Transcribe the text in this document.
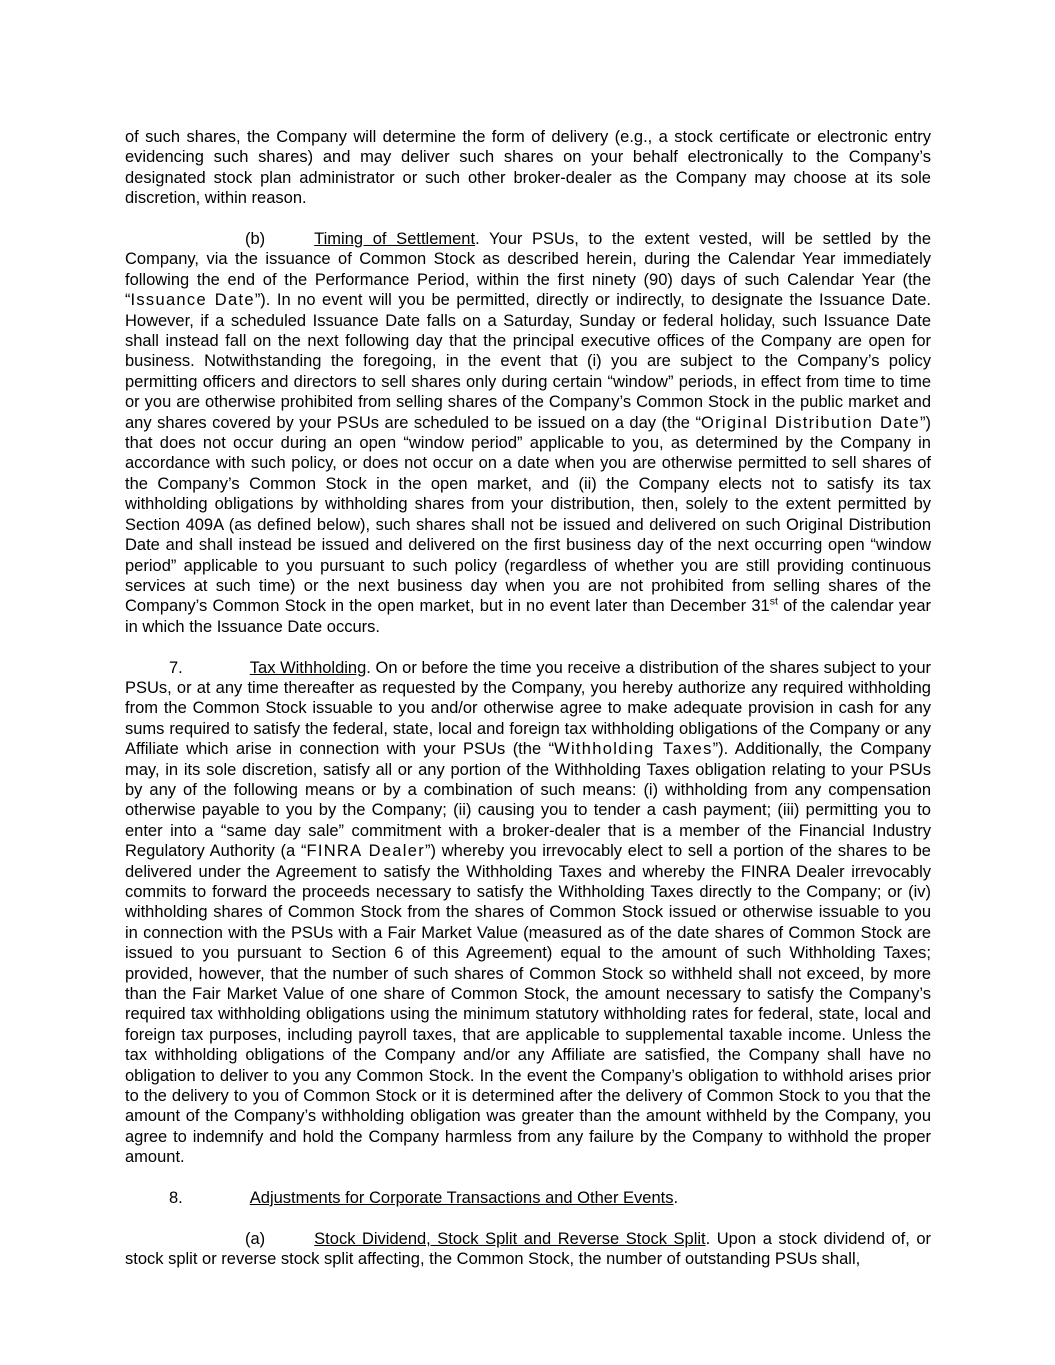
of such shares, the Company will determine the form of delivery (e.g., a stock certificate or electronic entry evidencing such shares) and may deliver such shares on your behalf electronically to the Company’s designated stock plan administrator or such other broker-dealer as the Company may choose at its sole discretion, within reason.

(b)	Timing of Settlement. Your PSUs, to the extent vested, will be settled by the Company, via the issuance of Common Stock as described herein, during the Calendar Year immediately following the end of the Performance Period, within the first ninety (90) days of such Calendar Year (the “Issuance Date”). In no event will you be permitted, directly or indirectly, to designate the Issuance Date. However, if a scheduled Issuance Date falls on a Saturday, Sunday or federal holiday, such Issuance Date shall instead fall on the next following day that the principal executive offices of the Company are open for business. Notwithstanding the foregoing, in the event that (i) you are subject to the Company’s policy permitting officers and directors to sell shares only during certain “window” periods, in effect from time to time or you are otherwise prohibited from selling shares of the Company’s Common Stock in the public market and any shares covered by your PSUs are scheduled to be issued on a day (the “Original Distribution Date”) that does not occur during an open “window period” applicable to you, as determined by the Company in accordance with such policy, or does not occur on a date when you are otherwise permitted to sell shares of the Company’s Common Stock in the open market, and (ii) the Company elects not to satisfy its tax withholding obligations by withholding shares from your distribution, then, solely to the extent permitted by Section 409A (as defined below), such shares shall not be issued and delivered on such Original Distribution Date and shall instead be issued and delivered on the first business day of the next occurring open “window period” applicable to you pursuant to such policy (regardless of whether you are still providing continuous services at such time) or the next business day when you are not prohibited from selling shares of the Company’s Common Stock in the open market, but in no event later than December 31st of the calendar year in which the Issuance Date occurs.

7.	Tax Withholding. On or before the time you receive a distribution of the shares subject to your PSUs, or at any time thereafter as requested by the Company, you hereby authorize any required withholding from the Common Stock issuable to you and/or otherwise agree to make adequate provision in cash for any sums required to satisfy the federal, state, local and foreign tax withholding obligations of the Company or any Affiliate which arise in connection with your PSUs (the “Withholding Taxes”). Additionally, the Company may, in its sole discretion, satisfy all or any portion of the Withholding Taxes obligation relating to your PSUs by any of the following means or by a combination of such means: (i) withholding from any compensation otherwise payable to you by the Company; (ii) causing you to tender a cash payment; (iii) permitting you to enter into a “same day sale” commitment with a broker-dealer that is a member of the Financial Industry Regulatory Authority (a “FINRA Dealer”) whereby you irrevocably elect to sell a portion of the shares to be delivered under the Agreement to satisfy the Withholding Taxes and whereby the FINRA Dealer irrevocably commits to forward the proceeds necessary to satisfy the Withholding Taxes directly to the Company; or (iv) withholding shares of Common Stock from the shares of Common Stock issued or otherwise issuable to you in connection with the PSUs with a Fair Market Value (measured as of the date shares of Common Stock are issued to you pursuant to Section 6 of this Agreement) equal to the amount of such Withholding Taxes; provided, however, that the number of such shares of Common Stock so withheld shall not exceed, by more than the Fair Market Value of one share of Common Stock, the amount necessary to satisfy the Company’s required tax withholding obligations using the minimum statutory withholding rates for federal, state, local and foreign tax purposes, including payroll taxes, that are applicable to supplemental taxable income. Unless the tax withholding obligations of the Company and/or any Affiliate are satisfied, the Company shall have no obligation to deliver to you any Common Stock. In the event the Company’s obligation to withhold arises prior to the delivery to you of Common Stock or it is determined after the delivery of Common Stock to you that the amount of the Company’s withholding obligation was greater than the amount withheld by the Company, you agree to indemnify and hold the Company harmless from any failure by the Company to withhold the proper amount.

8.	Adjustments for Corporate Transactions and Other Events.

(a)	Stock Dividend, Stock Split and Reverse Stock Split. Upon a stock dividend of, or stock split or reverse stock split affecting, the Common Stock, the number of outstanding PSUs shall,
